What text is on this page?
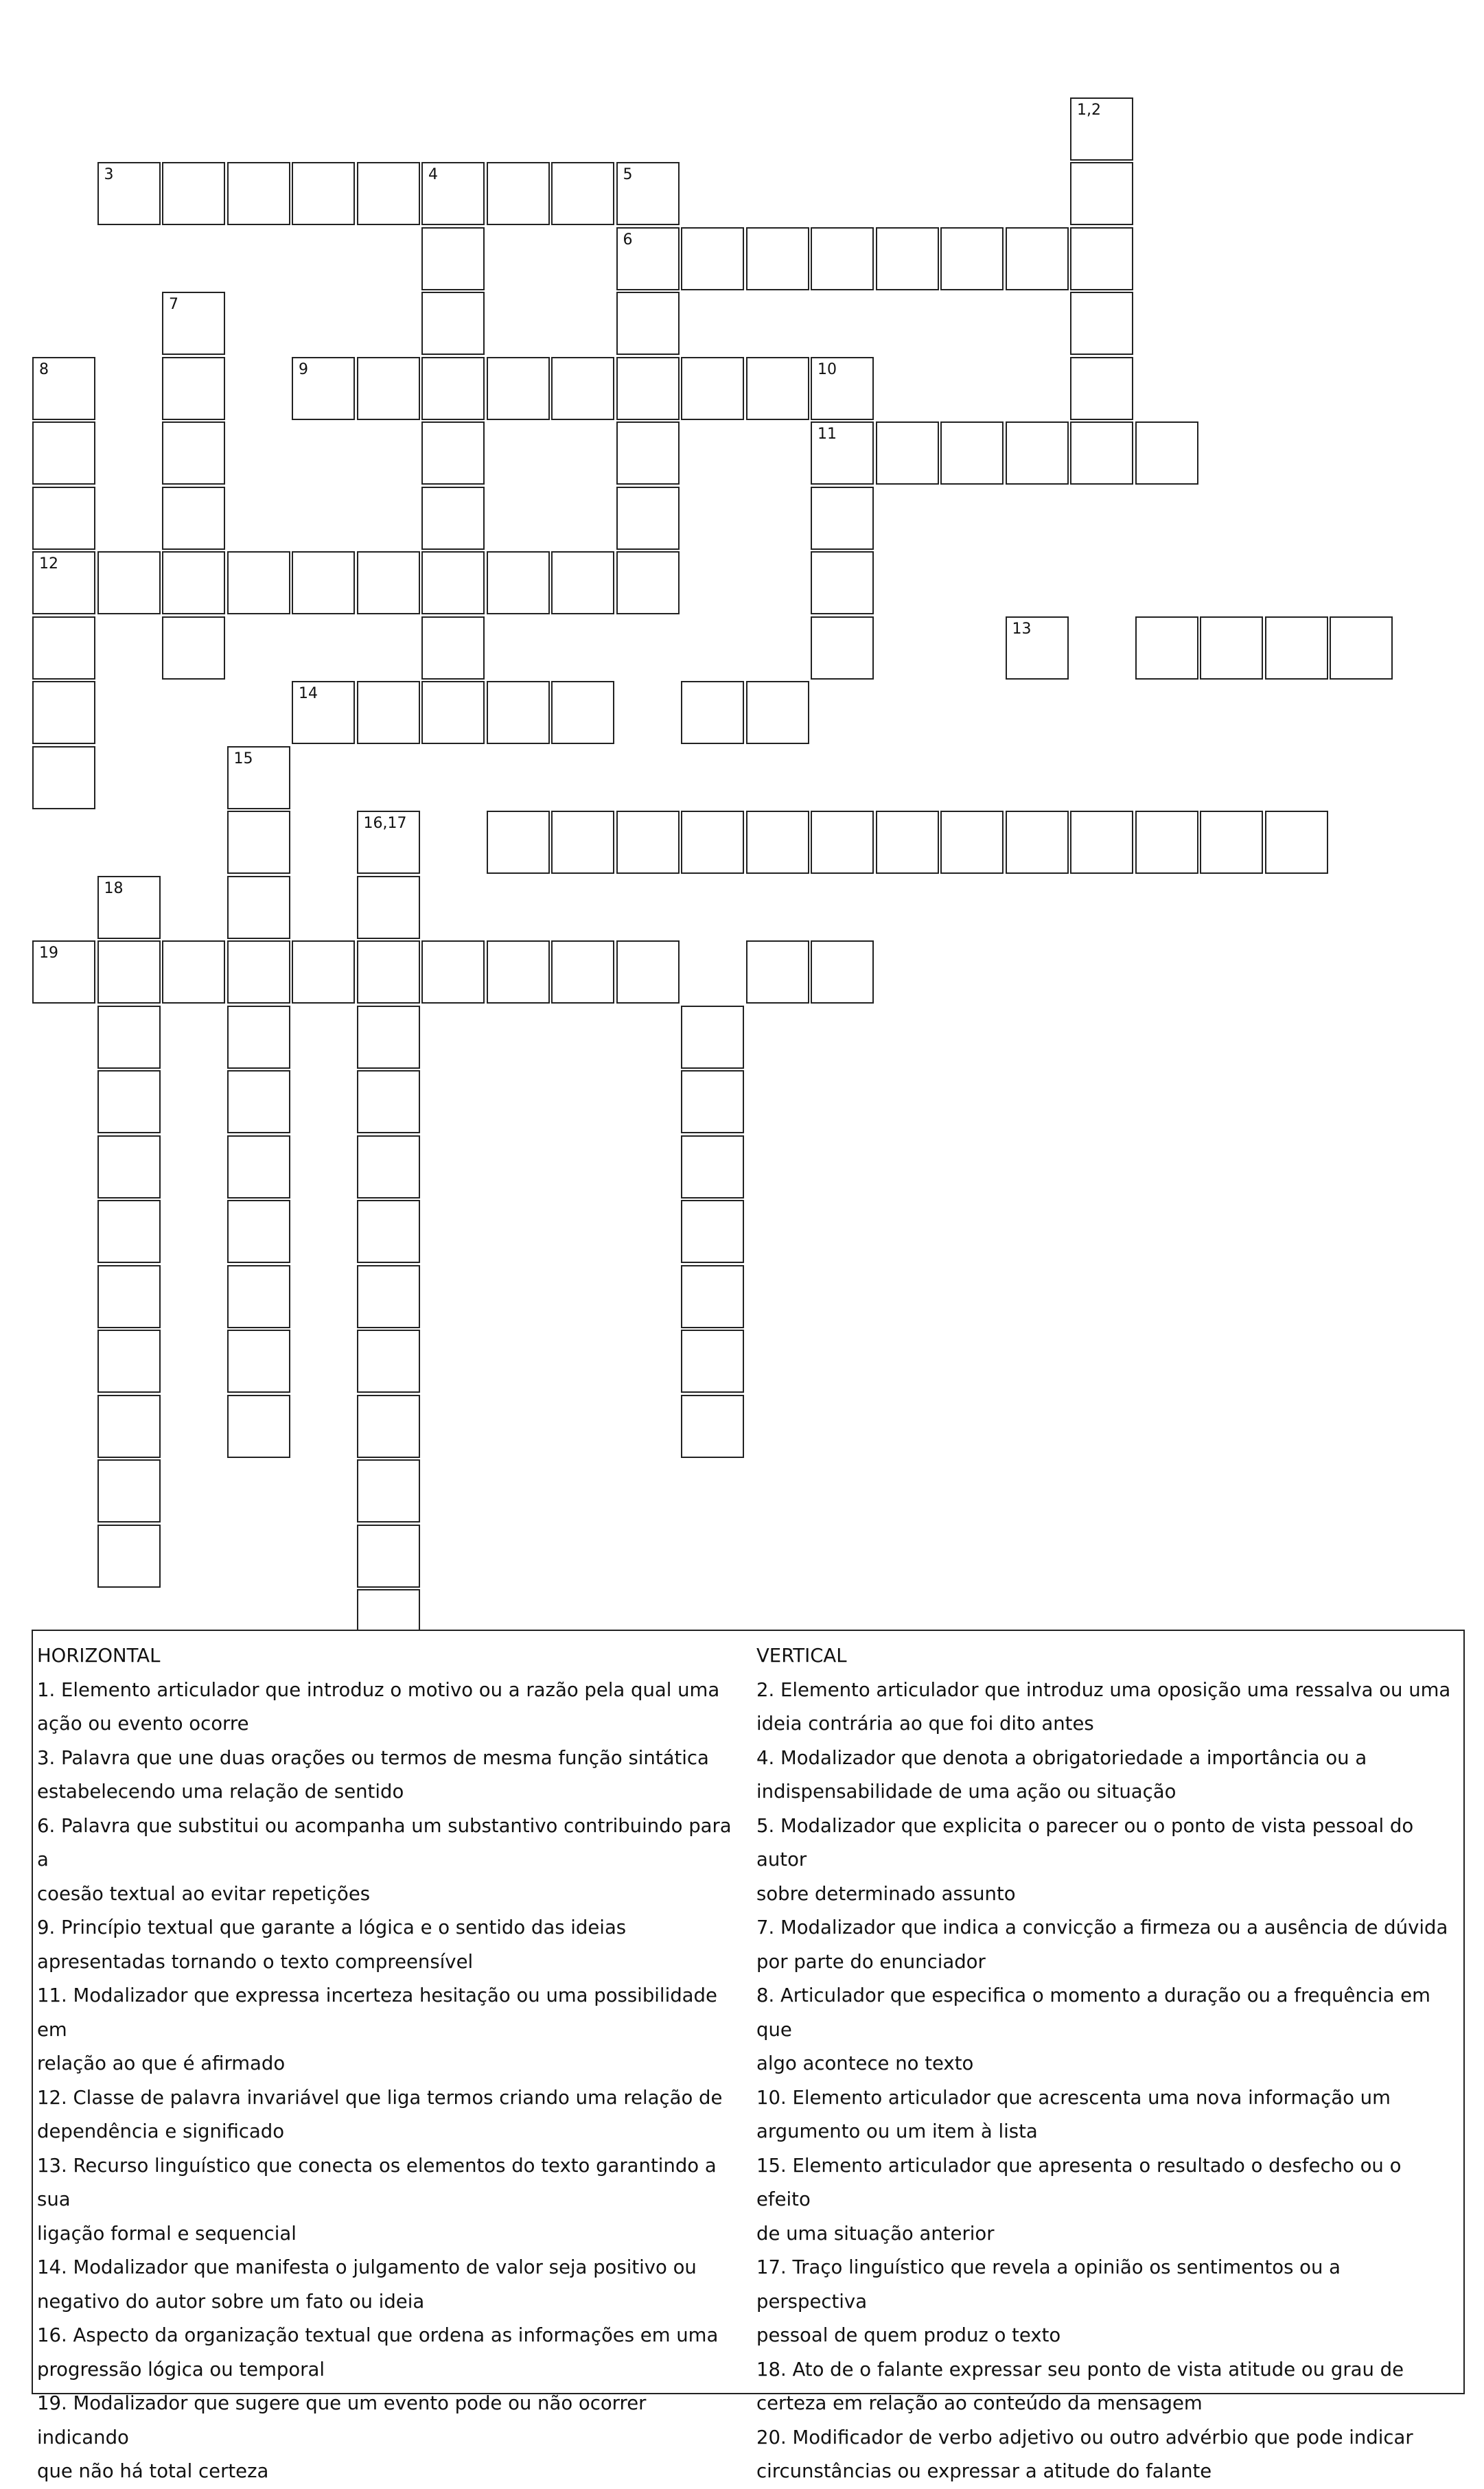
1,2
3	4	5
6
7
8
12
9	10
11
13
14
15
16,17
18
19
HORIZONTAL
1. Elemento articulador que introduz o motivo ou a razão pela qual uma
ação ou evento ocorre
3. Palavra que une duas orações ou termos de mesma função sintática
estabelecendo uma relação de sentido
6. Palavra que substitui ou acompanha um substantivo contribuindo para a
coesão textual ao evitar repetições
9. Princípio textual que garante a lógica e o sentido das ideias
apresentadas tornando o texto compreensível
11. Modalizador que expressa incerteza hesitação ou uma possibilidade em
relação ao que é afirmado
12. Classe de palavra invariável que liga termos criando uma relação de
dependência e significado
13. Recurso linguístico que conecta os elementos do texto garantindo a sua
ligação formal e sequencial
14. Modalizador que manifesta o julgamento de valor seja positivo ou
negativo do autor sobre um fato ou ideia
16. Aspecto da organização textual que ordena as informações em uma
progressão lógica ou temporal
19. Modalizador que sugere que um evento pode ou não ocorrer indicando
que não há total certeza
VERTICAL
2. Elemento articulador que introduz uma oposição uma ressalva ou uma
ideia contrária ao que foi dito antes
4. Modalizador que denota a obrigatoriedade a importância ou a
indispensabilidade de uma ação ou situação
5. Modalizador que explicita o parecer ou o ponto de vista pessoal do autor
sobre determinado assunto
7. Modalizador que indica a convicção a firmeza ou a ausência de dúvida
por parte do enunciador
8. Articulador que especifica o momento a duração ou a frequência em que
algo acontece no texto
10. Elemento articulador que acrescenta uma nova informação um
argumento ou um item à lista
15. Elemento articulador que apresenta o resultado o desfecho ou o efeito
de uma situação anterior
17. Traço linguístico que revela a opinião os sentimentos ou a perspectiva
pessoal de quem produz o texto
18. Ato de o falante expressar seu ponto de vista atitude ou grau de
certeza em relação ao conteúdo da mensagem
20. Modificador de verbo adjetivo ou outro advérbio que pode indicar
circunstâncias ou expressar a atitude do falante
